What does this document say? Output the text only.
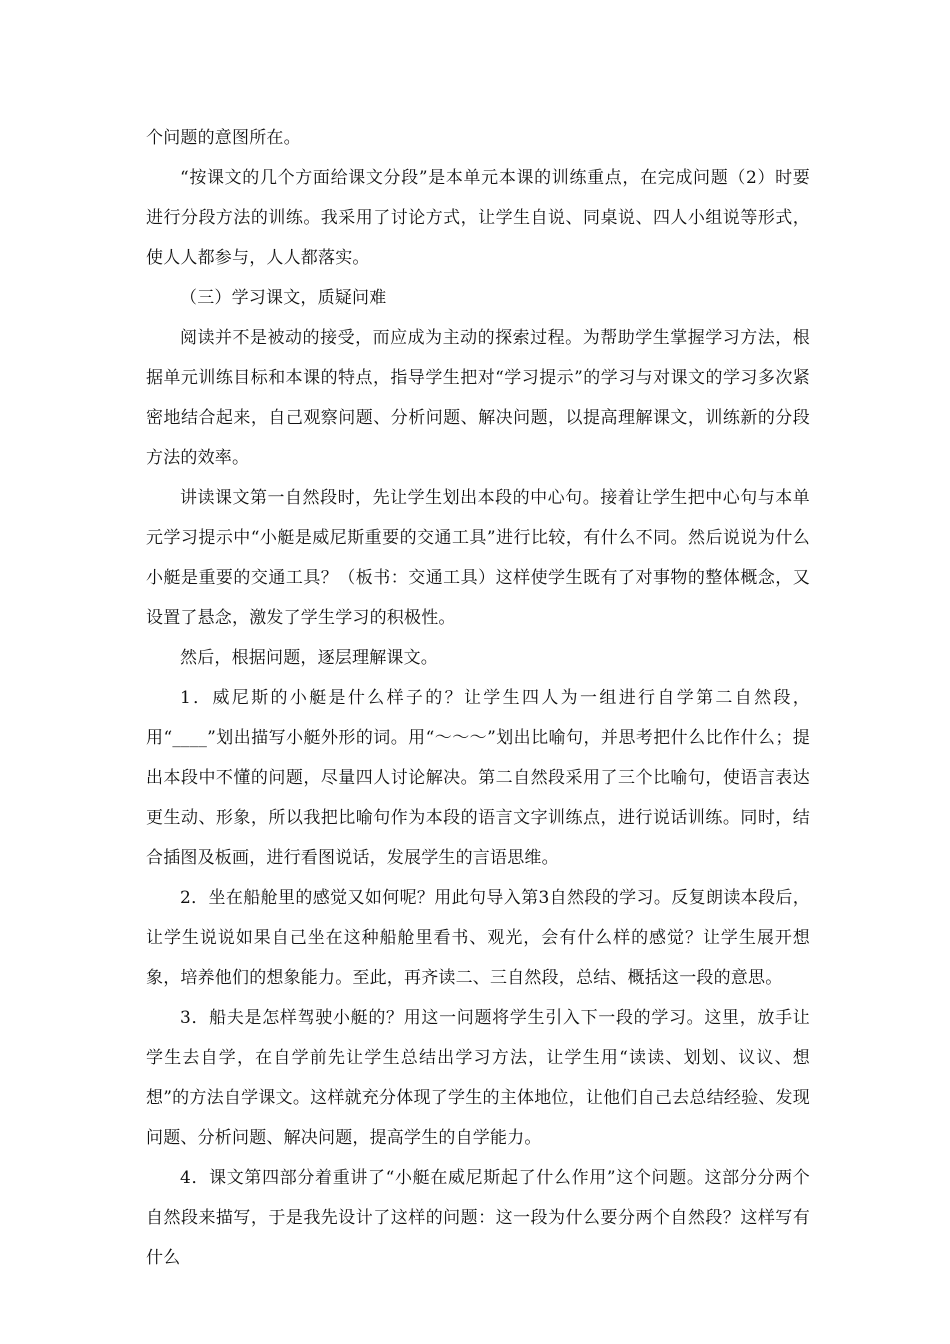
个问题的意图所在。

“按课文的几个方面给课文分段”是本单元本课的训练重点，在完成问题（2）时要进行分段方法的训练。我采用了讨论方式，让学生自说、同桌说、四人小组说等形式，使人人都参与，人人都落实。

（三）学习课文，质疑问难

阅读并不是被动的接受，而应成为主动的探索过程。为帮助学生掌握学习方法，根据单元训练目标和本课的特点，指导学生把对“学习提示”的学习与对课文的学习多次紧密地结合起来，自己观察问题、分析问题、解决问题，以提高理解课文，训练新的分段方法的效率。

讲读课文第一自然段时，先让学生划出本段的中心句。接着让学生把中心句与本单元学习提示中“小艇是威尼斯重要的交通工具”进行比较，有什么不同。然后说说为什么小艇是重要的交通工具？（板书：交通工具）这样使学生既有了对事物的整体概念，又设置了悬念，激发了学生学习的积极性。

然后，根据问题，逐层理解课文。

1．威尼斯的小艇是什么样子的？让学生四人为一组进行自学第二自然段，用“____”划出描写小艇外形的词。用“～～～”划出比喻句，并思考把什么比作什么；提出本段中不懂的问题，尽量四人讨论解决。第二自然段采用了三个比喻句，使语言表达更生动、形象，所以我把比喻句作为本段的语言文字训练点，进行说话训练。同时，结合插图及板画，进行看图说话，发展学生的言语思维。

2．坐在船舱里的感觉又如何呢？用此句导入第3自然段的学习。反复朗读本段后，让学生说说如果自己坐在这种船舱里看书、观光，会有什么样的感觉？让学生展开想象，培养他们的想象能力。至此，再齐读二、三自然段，总结、概括这一段的意思。

3．船夫是怎样驾驶小艇的？用这一问题将学生引入下一段的学习。这里，放手让学生去自学，在自学前先让学生总结出学习方法，让学生用“读读、划划、议议、想想”的方法自学课文。这样就充分体现了学生的主体地位，让他们自己去总结经验、发现问题、分析问题、解决问题，提高学生的自学能力。

4．课文第四部分着重讲了“小艇在威尼斯起了什么作用”这个问题。这部分分两个自然段来描写，于是我先设计了这样的问题：这一段为什么要分两个自然段？这样写有什么
